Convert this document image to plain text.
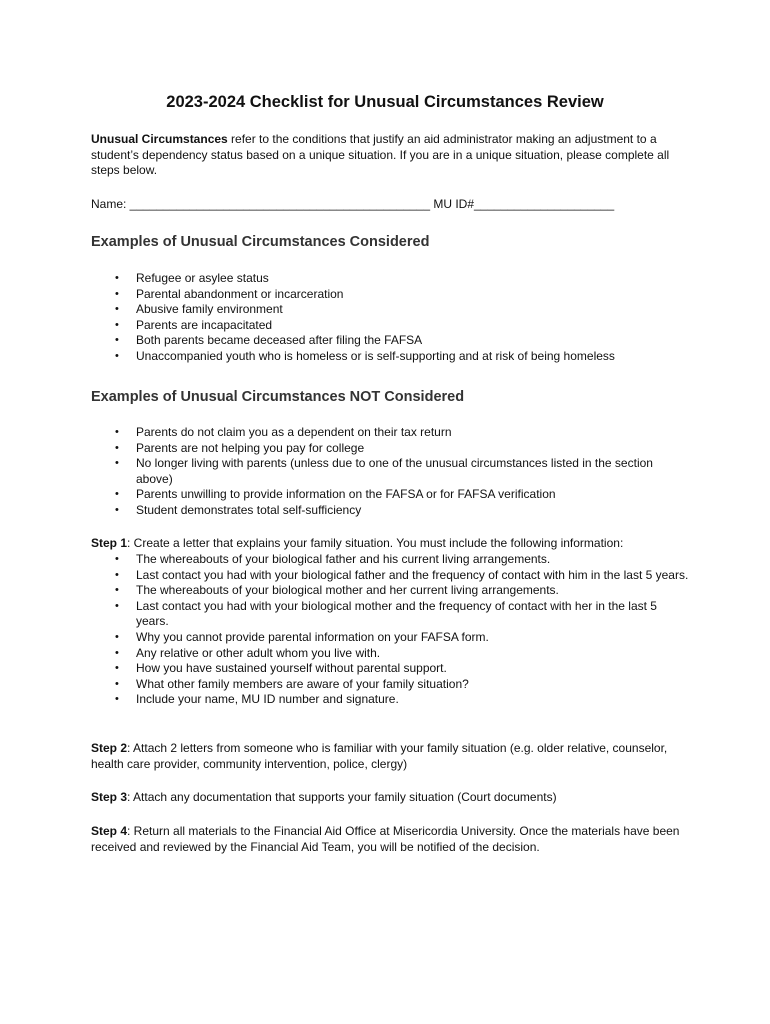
2023-2024 Checklist for Unusual Circumstances Review

Unusual Circumstances refer to the conditions that justify an aid administrator making an adjustment to a student’s dependency status based on a unique situation. If you are in a unique situation, please complete all steps below.

Name: _____________________________________________ MU ID#_____________________

Examples of Unusual Circumstances Considered
• Refugee or asylee status
• Parental abandonment or incarceration
• Abusive family environment
• Parents are incapacitated
• Both parents became deceased after filing the FAFSA
• Unaccompanied youth who is homeless or is self-supporting and at risk of being homeless
Examples of Unusual Circumstances NOT Considered
• Parents do not claim you as a dependent on their tax return
• Parents are not helping you pay for college
• No longer living with parents (unless due to one of the unusual circumstances listed in the section above)
• Parents unwilling to provide information on the FAFSA or for FAFSA verification
• Student demonstrates total self-sufficiency

Step 1: Create a letter that explains your family situation. You must include the following information:

• The whereabouts of your biological father and his current living arrangements.
• Last contact you had with your biological father and the frequency of contact with him in the last 5 years.
• The whereabouts of your biological mother and her current living arrangements.
• Last contact you had with your biological mother and the frequency of contact with her in the last 5 years.
• Why you cannot provide parental information on your FAFSA form.
• Any relative or other adult whom you live with.
• How you have sustained yourself without parental support.
• What other family members are aware of your family situation?
• Include your name, MU ID number and signature.

Step 2: Attach 2 letters from someone who is familiar with your family situation (e.g. older relative, counselor, health care provider, community intervention, police, clergy)

Step 3: Attach any documentation that supports your family situation (Court documents)

Step 4: Return all materials to the Financial Aid Office at Misericordia University. Once the materials have been received and reviewed by the Financial Aid Team, you will be notified of the decision.
